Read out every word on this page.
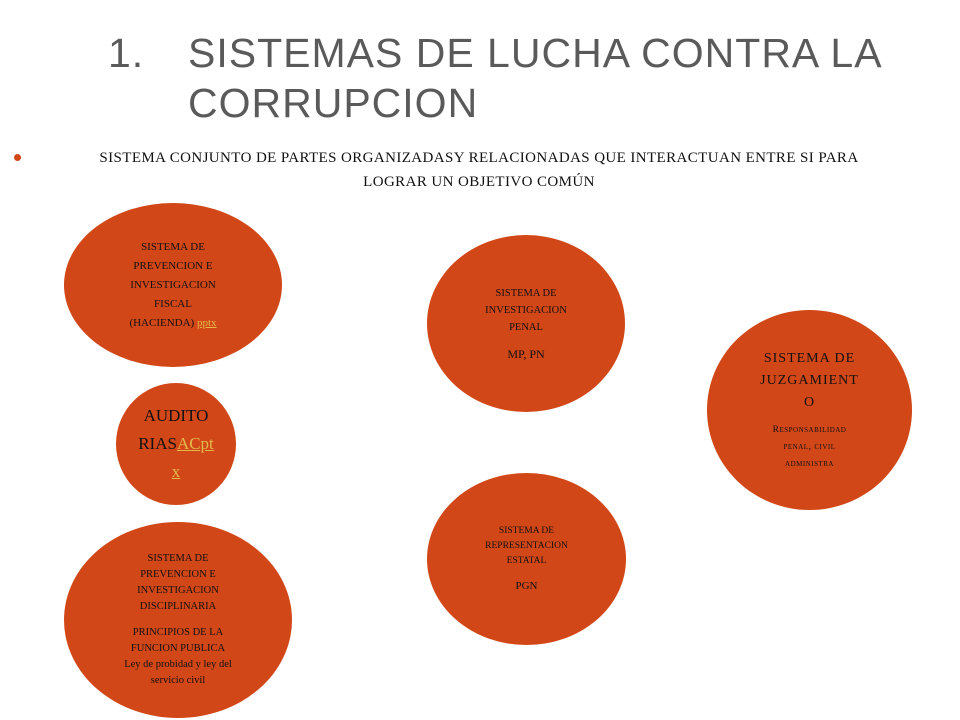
1. SISTEMAS DE LUCHA CONTRA LA
CORRUPCION
SISTEMA CONJUNTO DE PARTES ORGANIZADASY RELACIONADAS QUE INTERACTUAN ENTRE SI PARA
LOGRAR UN OBJETIVO COMÚN
SISTEMA DE
PREVENCION E
INVESTIGACION
FISCAL
(HACIENDA) pptx
AUDITO
RIASACpt
x
SISTEMA DE
PREVENCION E
INVESTIGACION
DISCIPLINARIA
PRINCIPIOS DE LA
FUNCION PUBLICA
Ley de probidad y ley del
servicio civil
SISTEMA DE
INVESTIGACION
PENAL
MP, PN
SISTEMA DE
REPRESENTACION
ESTATAL
PGN
SISTEMA DE
JUZGAMIENT
O
Responsabilidad
penal, civil
administra
